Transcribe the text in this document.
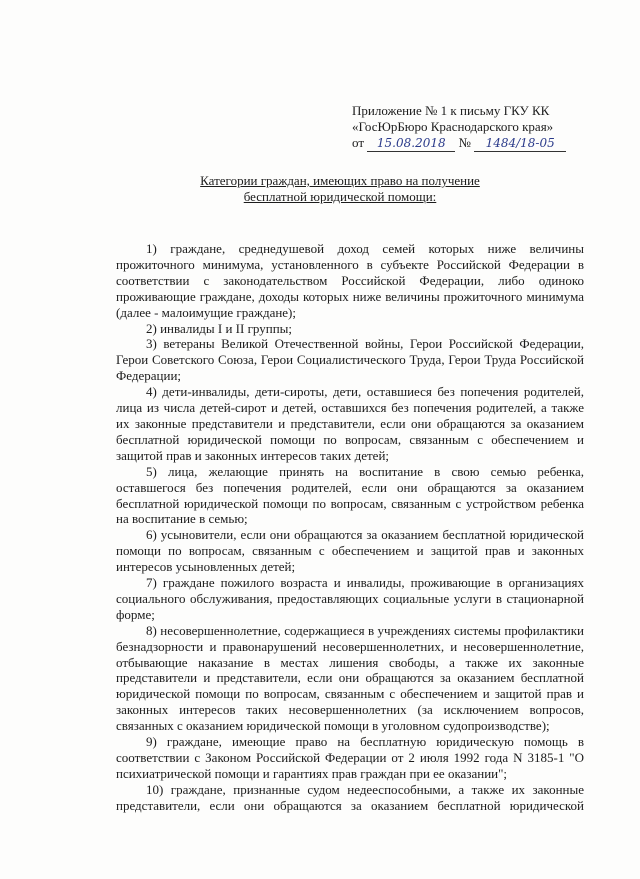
Приложение № 1 к письму ГКУ КК
«ГосЮрБюро Краснодарского края»
от 15.08.2018 № 1484/18-05
Категории граждан, имеющих право на получение
бесплатной юридической помощи:

1) граждане, среднедушевой доход семей которых ниже величины прожиточного минимума, установленного в субъекте Российской Федерации в соответствии с законодательством Российской Федерации, либо одиноко проживающие граждане, доходы которых ниже величины прожиточного минимума (далее - малоимущие граждане);

2) инвалиды I и II группы;

3) ветераны Великой Отечественной войны, Герои Российской Федерации, Герои Советского Союза, Герои Социалистического Труда, Герои Труда Российской Федерации;

4) дети-инвалиды, дети-сироты, дети, оставшиеся без попечения родителей, лица из числа детей-сирот и детей, оставшихся без попечения родителей, а также их законные представители и представители, если они обращаются за оказанием бесплатной юридической помощи по вопросам, связанным с обеспечением и защитой прав и законных интересов таких детей;

5) лица, желающие принять на воспитание в свою семью ребенка, оставшегося без попечения родителей, если они обращаются за оказанием бесплатной юридической помощи по вопросам, связанным с устройством ребенка на воспитание в семью;

6) усыновители, если они обращаются за оказанием бесплатной юридической помощи по вопросам, связанным с обеспечением и защитой прав и законных интересов усыновленных детей;

7) граждане пожилого возраста и инвалиды, проживающие в организациях социального обслуживания, предоставляющих социальные услуги в стационарной форме;

8) несовершеннолетние, содержащиеся в учреждениях системы профилактики безнадзорности и правонарушений несовершеннолетних, и несовершеннолетние, отбывающие наказание в местах лишения свободы, а также их законные представители и представители, если они обращаются за оказанием бесплатной юридической помощи по вопросам, связанным с обеспечением и защитой прав и законных интересов таких несовершеннолетних (за исключением вопросов, связанных с оказанием юридической помощи в уголовном судопроизводстве);

9) граждане, имеющие право на бесплатную юридическую помощь в соответствии с Законом Российской Федерации от 2 июля 1992 года N 3185-1 "О психиатрической помощи и гарантиях прав граждан при ее оказании";

10) граждане, признанные судом недееспособными, а также их законные представители, если они обращаются за оказанием бесплатной юридической
